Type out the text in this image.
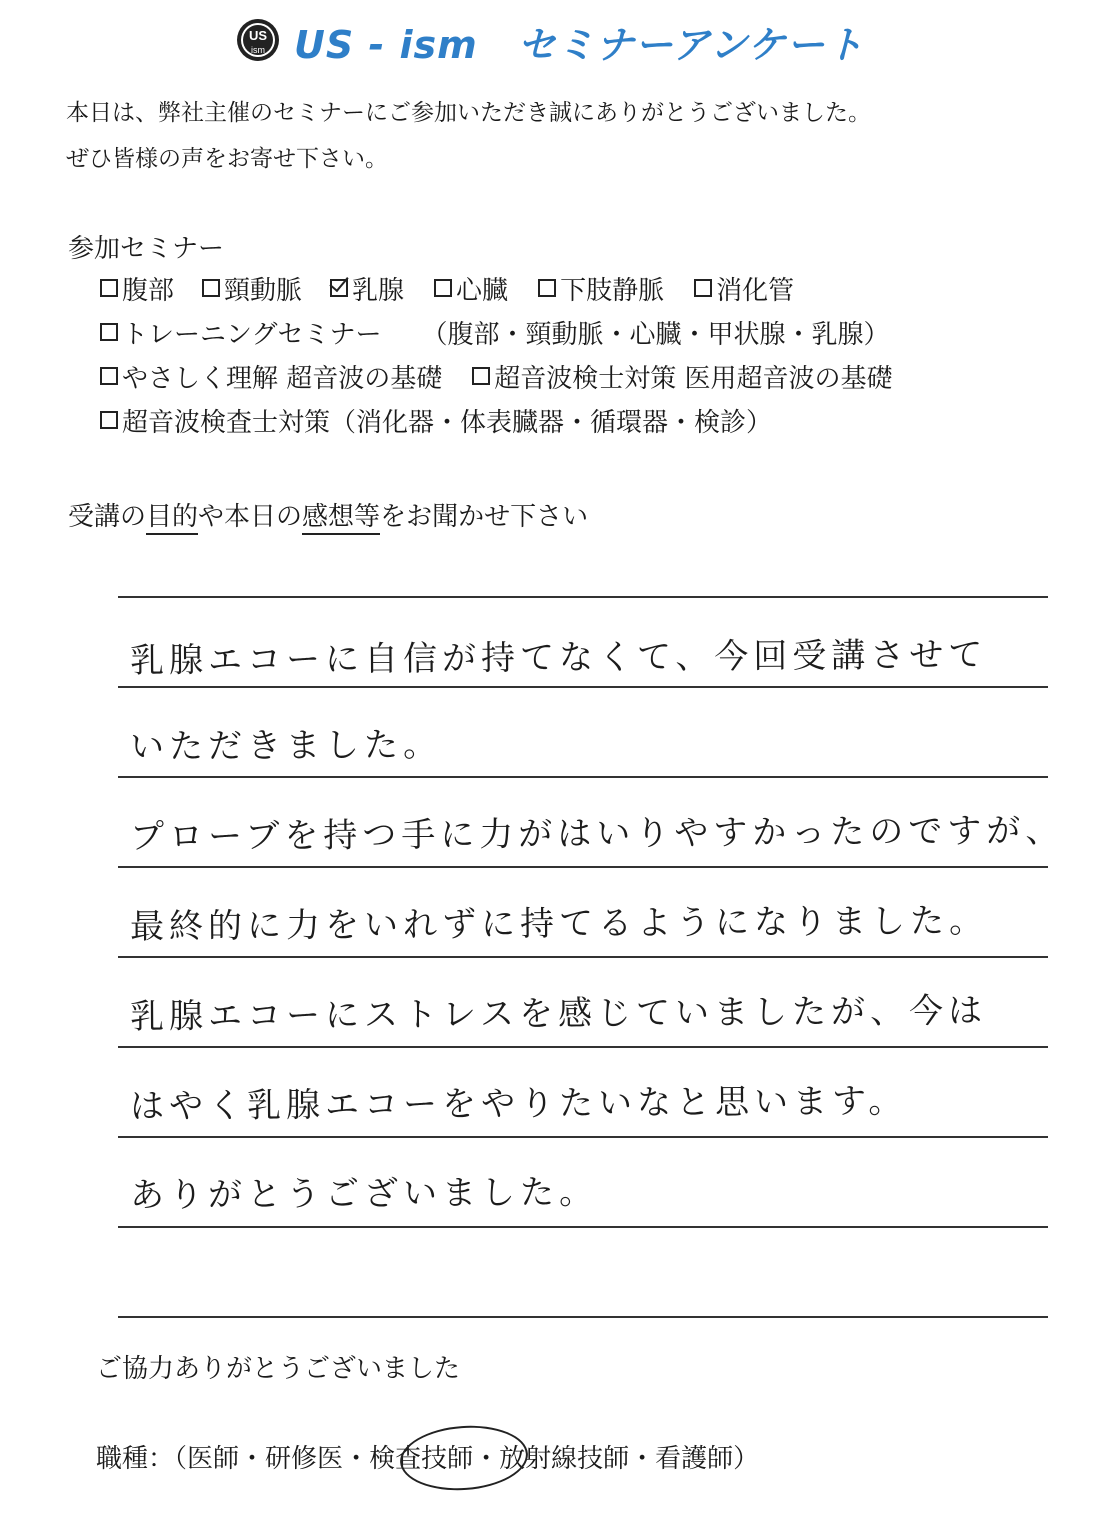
US
ism US - ism セミナーアンケート
本日は、弊社主催のセミナーにご参加いただき誠にありがとうございました。
ぜひ皆様の声をお寄せ下さい。
参加セミナー
腹部 頸動脈 乳腺 心臓 下肢静脈 消化管
トレーニングセミナー （腹部・頸動脈・心臓・甲状腺・乳腺）
やさしく理解 超音波の基礎 超音波検士対策 医用超音波の基礎
超音波検査士対策（消化器・体表臓器・循環器・検診）
受講の目的や本日の感想等をお聞かせ下さい
乳腺エコーに自信が持てなくて、今回受講させて
いただきました。
プローブを持つ手に力がはいりやすかったのですが、
最終的に力をいれずに持てるようになりました。
乳腺エコーにストレスを感じていましたが、今は
はやく乳腺エコーをやりたいなと思います。
ありがとうございました。
ご協力ありがとうございました
職種：（医師・研修医・検査技師・放射線技師・看護師）
